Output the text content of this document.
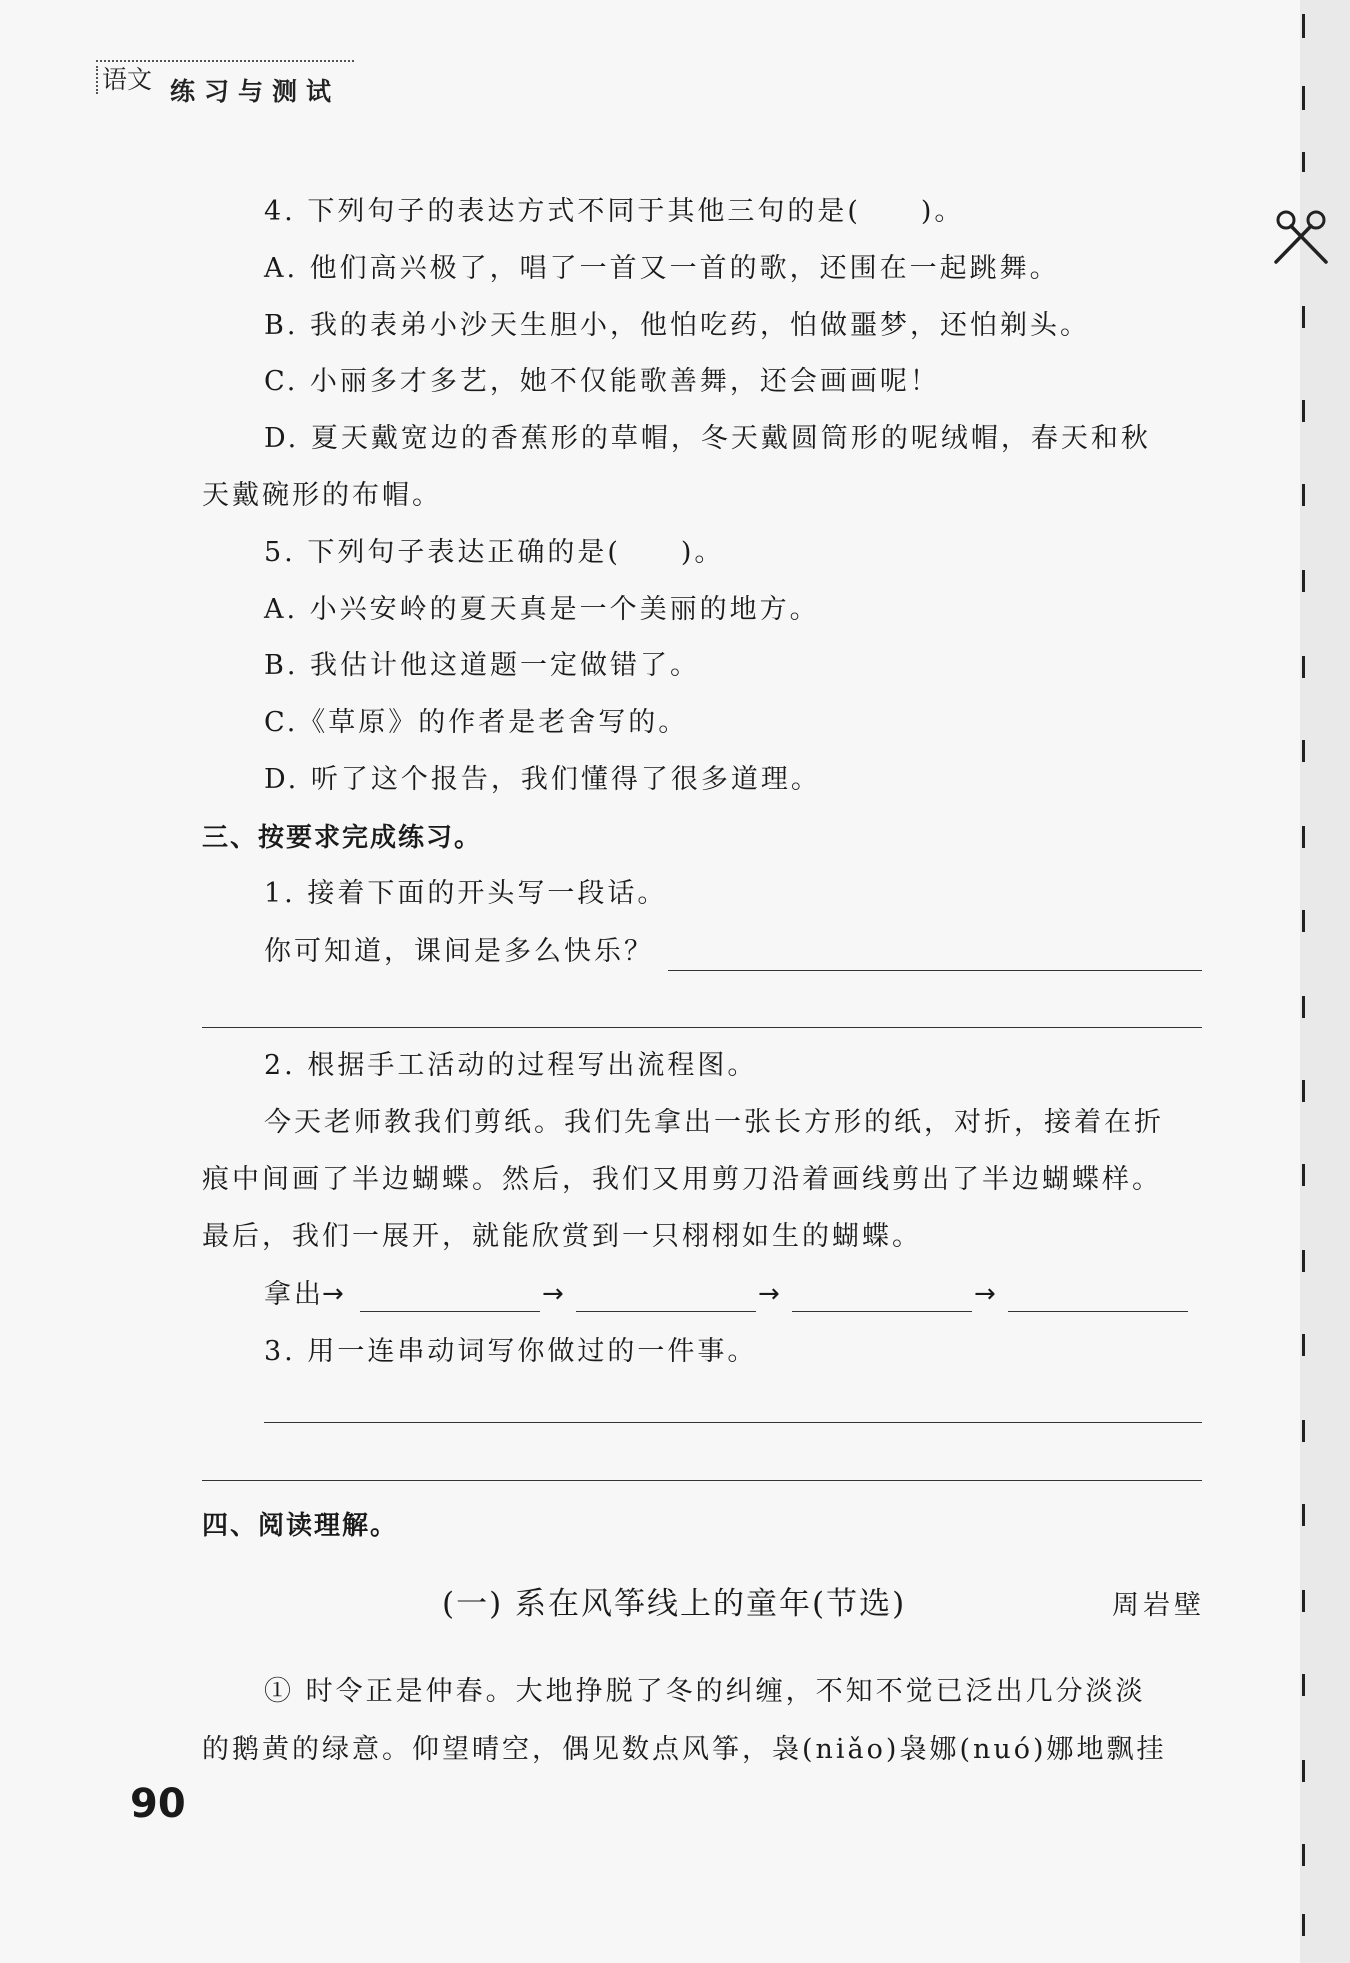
语文 练习与测试
4. 下列句子的表达方式不同于其他三句的是(　　)。
A. 他们高兴极了，唱了一首又一首的歌，还围在一起跳舞。
B. 我的表弟小沙天生胆小，他怕吃药，怕做噩梦，还怕剃头。
C. 小丽多才多艺，她不仅能歌善舞，还会画画呢！
D. 夏天戴宽边的香蕉形的草帽，冬天戴圆筒形的呢绒帽，春天和秋
天戴碗形的布帽。
5. 下列句子表达正确的是(　　)。
A. 小兴安岭的夏天真是一个美丽的地方。
B. 我估计他这道题一定做错了。
C.《草原》的作者是老舍写的。
D. 听了这个报告，我们懂得了很多道理。
三、按要求完成练习。
1. 接着下面的开头写一段话。
你可知道，课间是多么快乐？
2. 根据手工活动的过程写出流程图。
今天老师教我们剪纸。我们先拿出一张长方形的纸，对折，接着在折
痕中间画了半边蝴蝶。然后，我们又用剪刀沿着画线剪出了半边蝴蝶样。
最后，我们一展开，就能欣赏到一只栩栩如生的蝴蝶。
拿出
→	→	→	→
3. 用一连串动词写你做过的一件事。
四、阅读理解。
(一) 系在风筝线上的童年(节选)	周岩壁
① 时令正是仲春。大地挣脱了冬的纠缠，不知不觉已泛出几分淡淡
的鹅黄的绿意。仰望晴空，偶见数点风筝，袅(niǎo)袅娜(nuó)娜地飘挂
90
